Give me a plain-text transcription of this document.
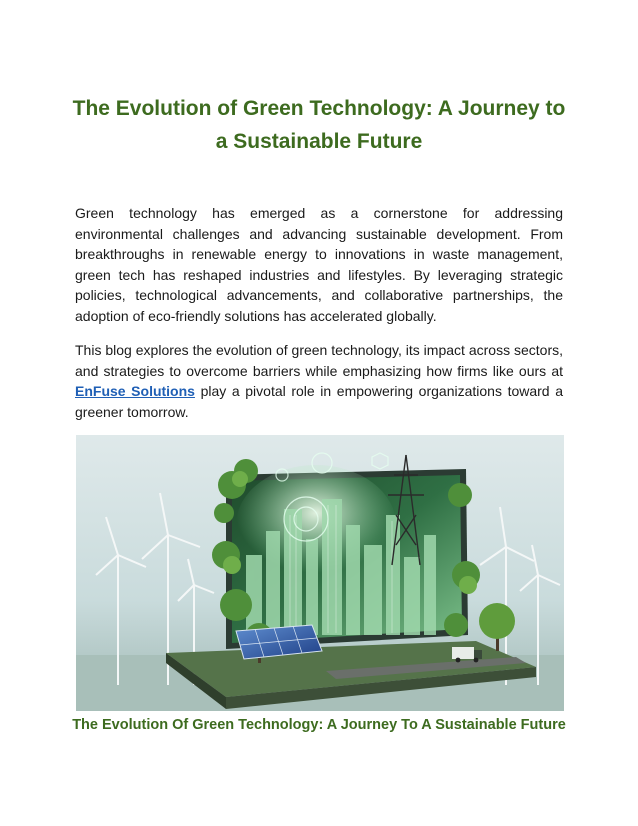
The Evolution of Green Technology: A Journey to
a Sustainable Future

Green technology has emerged as a cornerstone for addressing environmental challenges and advancing sustainable development. From breakthroughs in renewable energy to innovations in waste management, green tech has reshaped industries and lifestyles. By leveraging strategic policies, technological advancements, and collaborative partnerships, the adoption of eco-friendly solutions has accelerated globally.

This blog explores the evolution of green technology, its impact across sectors, and strategies to overcome barriers while emphasizing how firms like ours at EnFuse Solutions play a pivotal role in empowering organizations toward a greener tomorrow.

The Evolution Of Green Technology: A Journey To A Sustainable Future
